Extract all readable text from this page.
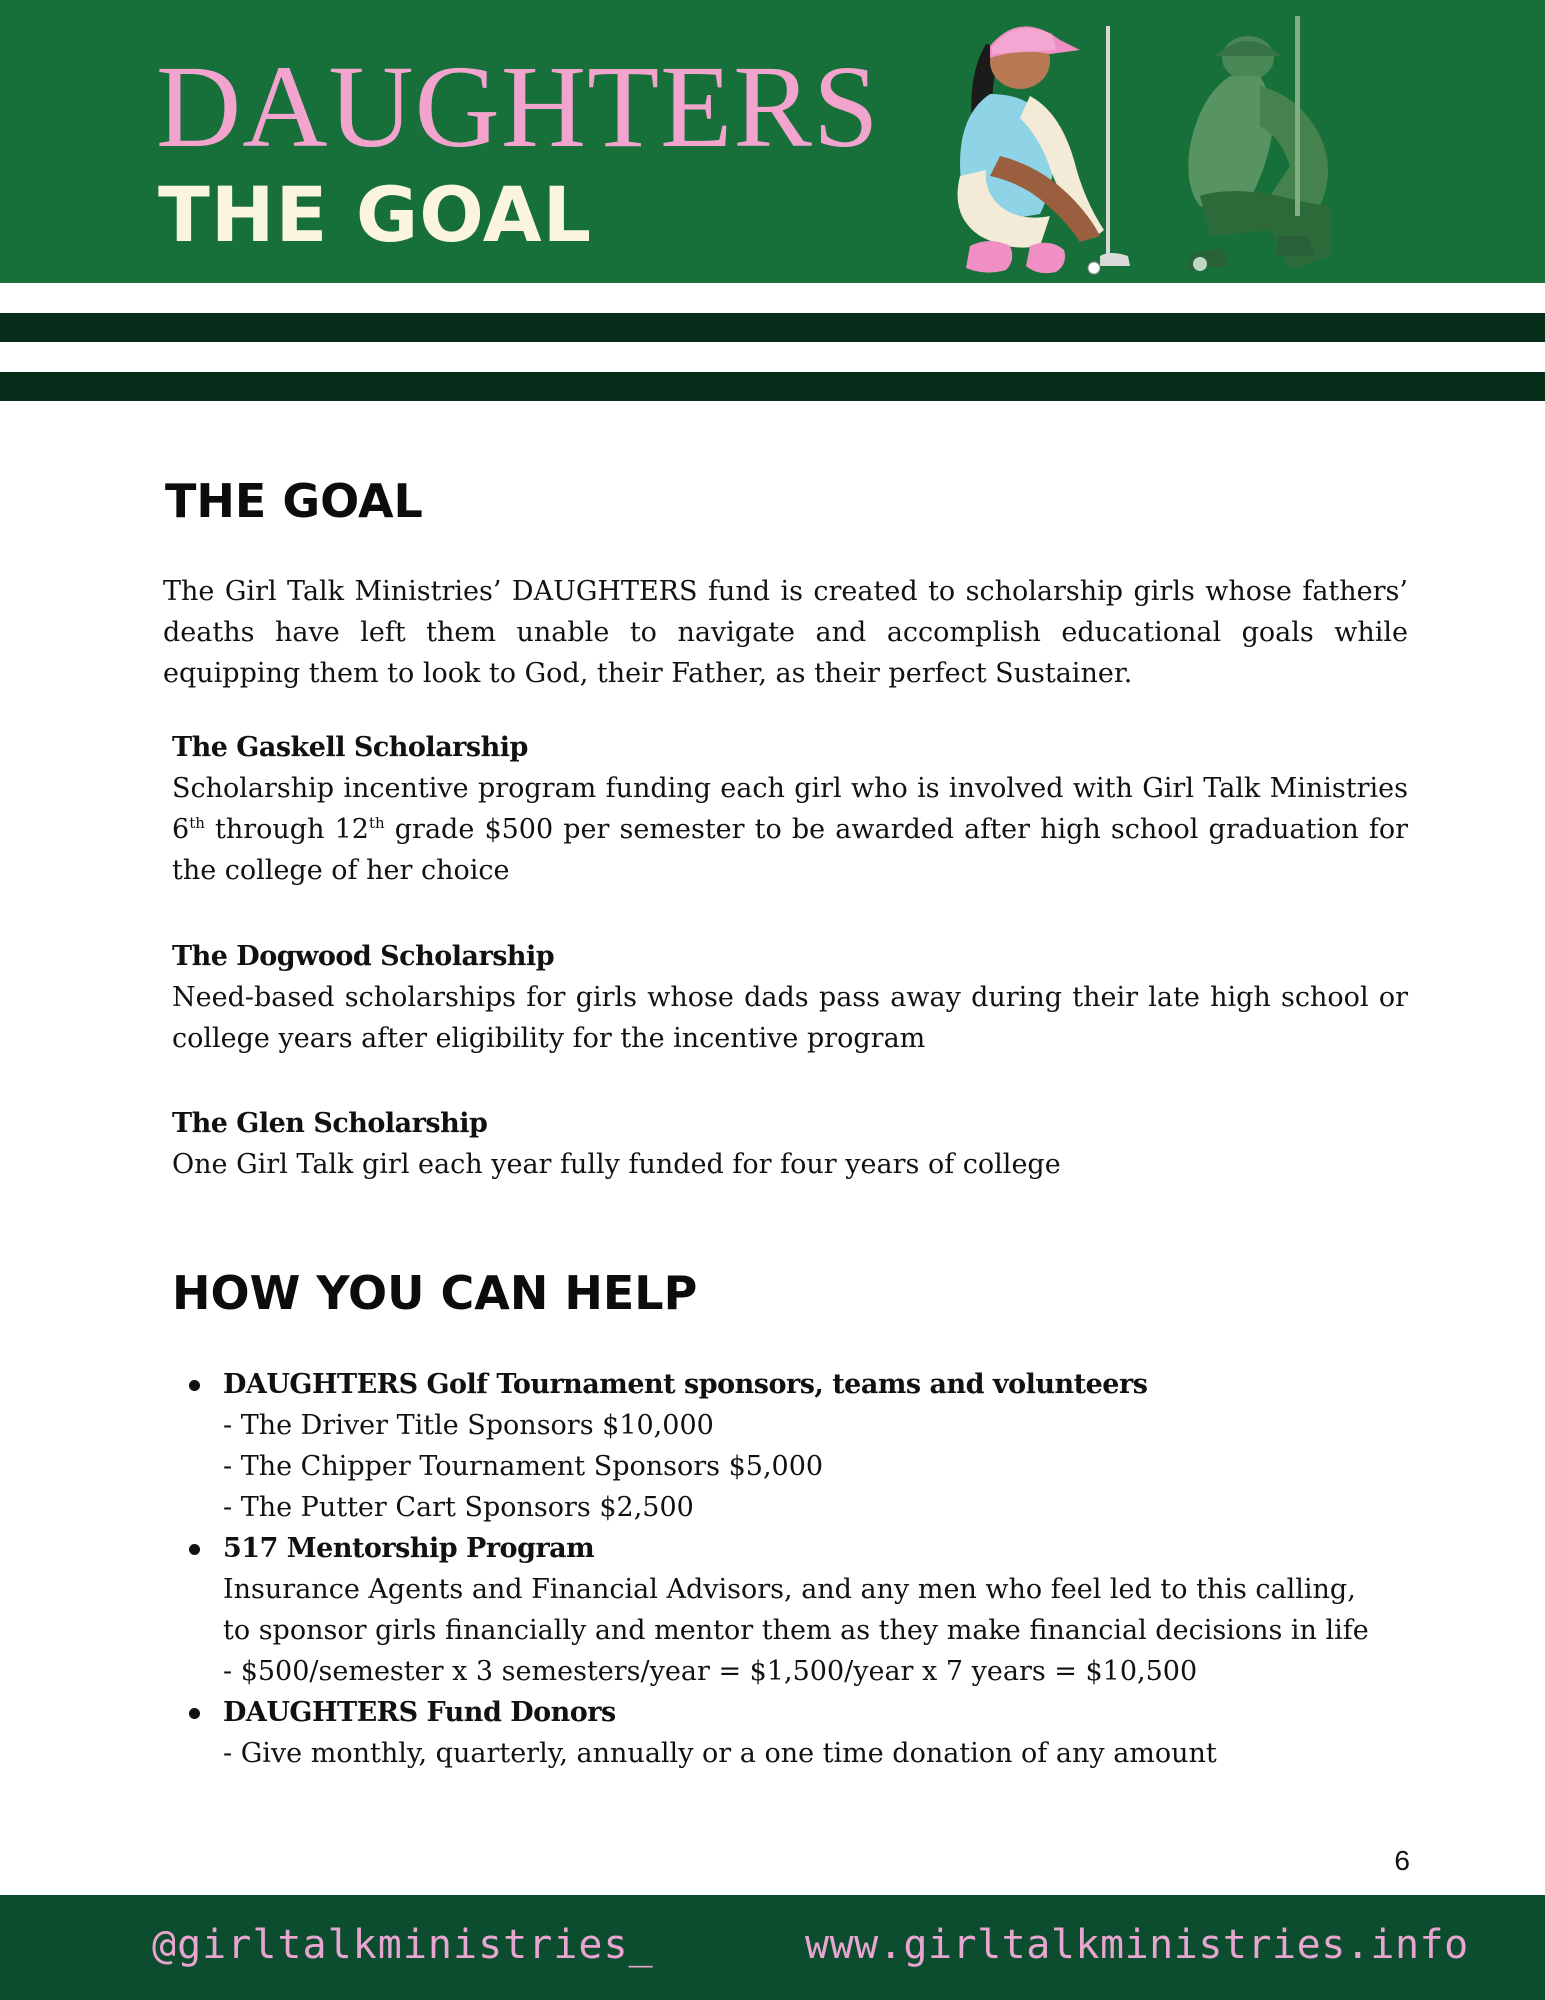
DAUGHTERS
THE GOAL
THE GOAL

The Girl Talk Ministries’ DAUGHTERS fund is created to scholarship girls whose fathers’ deaths have left them unable to navigate and accomplish educational goals while equipping them to look to God, their Father, as their perfect Sustainer.

The Gaskell Scholarship

Scholarship incentive program funding each girl who is involved with Girl Talk Ministries 6th through 12th grade $500 per semester to be awarded after high school graduation for the college of her choice

The Dogwood Scholarship

Need-based scholarships for girls whose dads pass away during their late high school or college years after eligibility for the incentive program

The Glen Scholarship

One Girl Talk girl each year fully funded for four years of college

HOW YOU CAN HELP

DAUGHTERS Golf Tournament sponsors, teams and volunteers

- The Driver Title Sponsors $10,000

- The Chipper Tournament Sponsors $5,000

- The Putter Cart Sponsors $2,500

517 Mentorship Program

Insurance Agents and Financial Advisors, and any men who feel led to this calling,

to sponsor girls financially and mentor them as they make financial decisions in life

- $500/semester x 3 semesters/year = $1,500/year x 7 years = $10,500

DAUGHTERS Fund Donors

- Give monthly, quarterly, annually or a one time donation of any amount

6
@girltalkministries_	www.girltalkministries.info
